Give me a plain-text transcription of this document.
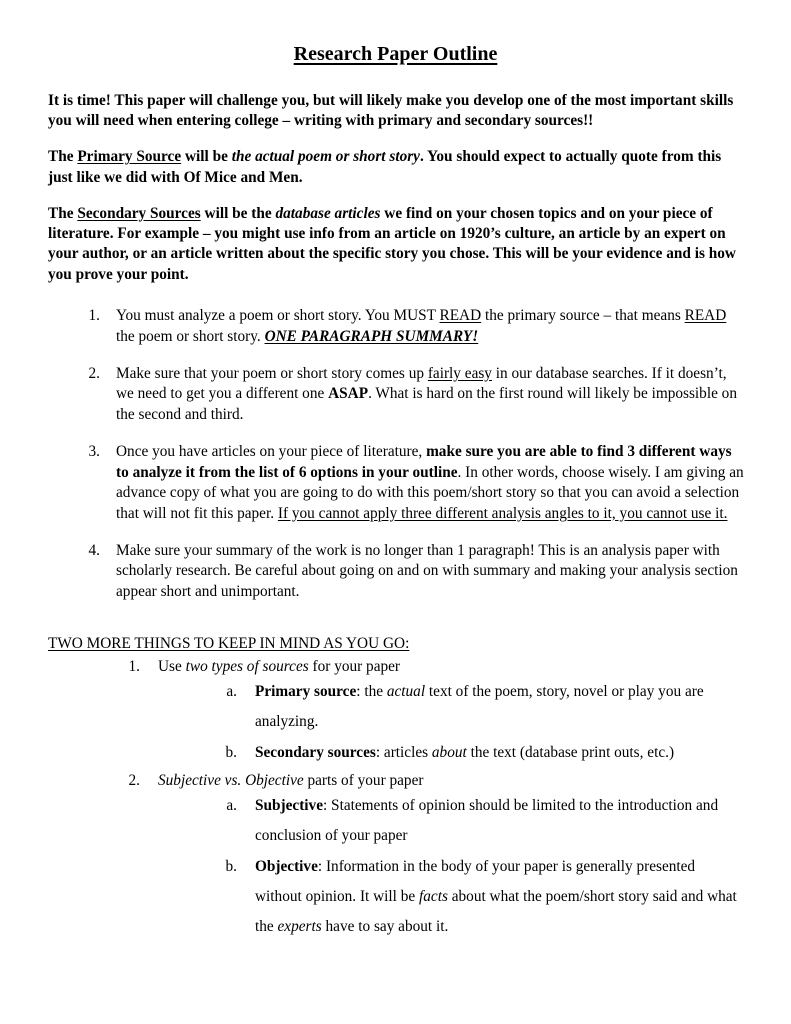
Research Paper Outline

It is time! This paper will challenge you, but will likely make you develop one of the most important skills you will need when entering college – writing with primary and secondary sources!!

The Primary Source will be the actual poem or short story. You should expect to actually quote from this just like we did with Of Mice and Men.

The Secondary Sources will be the database articles we find on your chosen topics and on your piece of literature. For example – you might use info from an article on 1920’s culture, an article by an expert on your author, or an article written about the specific story you chose. This will be your evidence and is how you prove your point.

1. You must analyze a poem or short story. You MUST READ the primary source – that means READ the poem or short story. ONE PARAGRAPH SUMMARY!
2. Make sure that your poem or short story comes up fairly easy in our database searches. If it doesn’t, we need to get you a different one ASAP. What is hard on the first round will likely be impossible on the second and third.
3. Once you have articles on your piece of literature, make sure you are able to find 3 different ways to analyze it from the list of 6 options in your outline. In other words, choose wisely. I am giving an advance copy of what you are going to do with this poem/short story so that you can avoid a selection that will not fit this paper. If you cannot apply three different analysis angles to it, you cannot use it.
4. Make sure your summary of the work is no longer than 1 paragraph! This is an analysis paper with scholarly research. Be careful about going on and on with summary and making your analysis section appear short and unimportant.
TWO MORE THINGS TO KEEP IN MIND AS YOU GO:
1. Use two types of sources for your paper
a. Primary source: the actual text of the poem, story, novel or play you are analyzing.
b. Secondary sources: articles about the text (database print outs, etc.)
2. Subjective vs. Objective parts of your paper
a. Subjective: Statements of opinion should be limited to the introduction and conclusion of your paper
b. Objective: Information in the body of your paper is generally presented without opinion. It will be facts about what the poem/short story said and what the experts have to say about it.
